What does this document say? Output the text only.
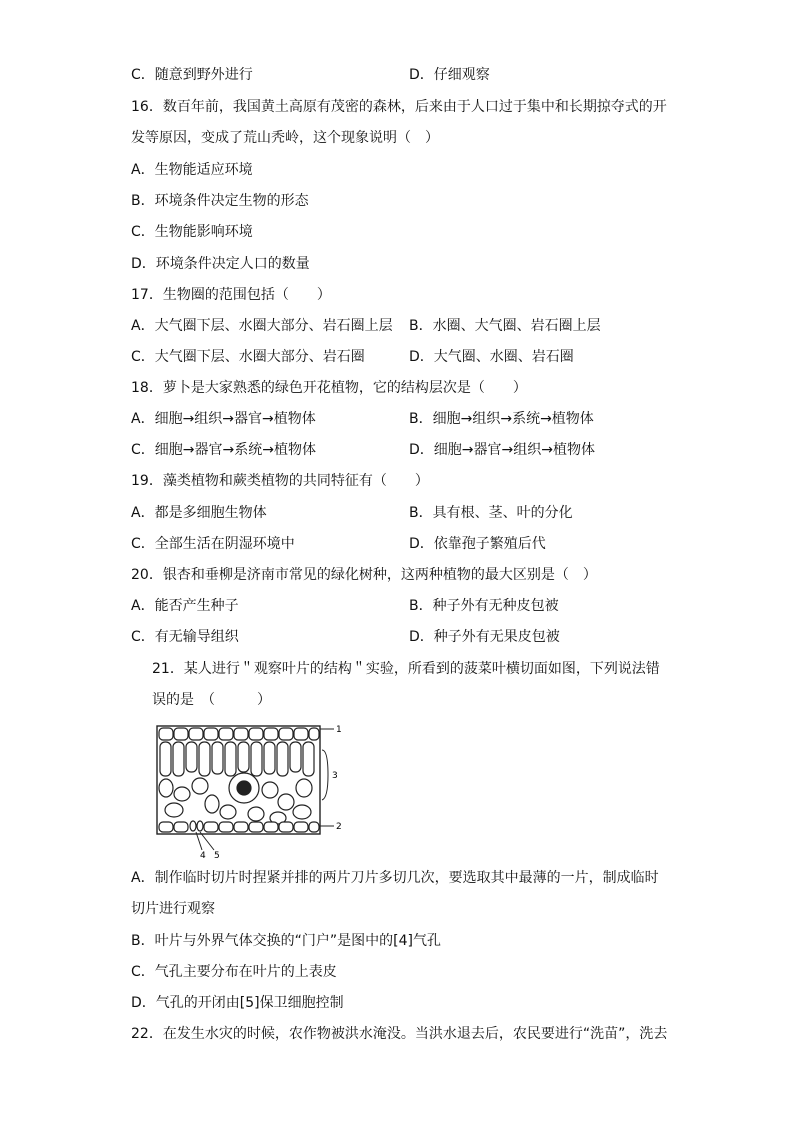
C．随意到野外进行	D．仔细观察
16．数百年前，我国黄土高原有茂密的森林，后来由于人口过于集中和长期掠夺式的开
发等原因，变成了荒山秃岭，这个现象说明（　）
A．生物能适应环境
B．环境条件决定生物的形态
C．生物能影响环境
D．环境条件决定人口的数量
17．生物圈的范围包括（　　）
A．大气圈下层、水圈大部分、岩石圈上层 B．水圈、大气圈、岩石圈上层
C．大气圈下层、水圈大部分、岩石圈	D．大气圈、水圈、岩石圈
18．萝卜是大家熟悉的绿色开花植物，它的结构层次是（　　）
A．细胞→组织→器官→植物体	B．细胞→组织→系统→植物体
C．细胞→器官→系统→植物体	D．细胞→器官→组织→植物体
19．藻类植物和蕨类植物的共同特征有（　　）
A．都是多细胞生物体	B．具有根、茎、叶的分化
C．全部生活在阴湿环境中	D．依靠孢子繁殖后代
20．银杏和垂柳是济南市常见的绿化树种，这两种植物的最大区别是（　）
A．能否产生种子	B．种子外有无种皮包被
C．有无输导组织	D．种子外有无果皮包被
21．某人进行＂观察叶片的结构＂实验，所看到的菠菜叶横切面如图，下列说法错
误的是　（　　　）
1
3
2
4 5
A．制作临时切片时捏紧并排的两片刀片多切几次，要选取其中最薄的一片，制成临时
切片进行观察
B．叶片与外界气体交换的“门户”是图中的[4]气孔
C．气孔主要分布在叶片的上表皮
D．气孔的开闭由[5]保卫细胞控制
22．在发生水灾的时候，农作物被洪水淹没。当洪水退去后，农民要进行“洗苗”，洗去
